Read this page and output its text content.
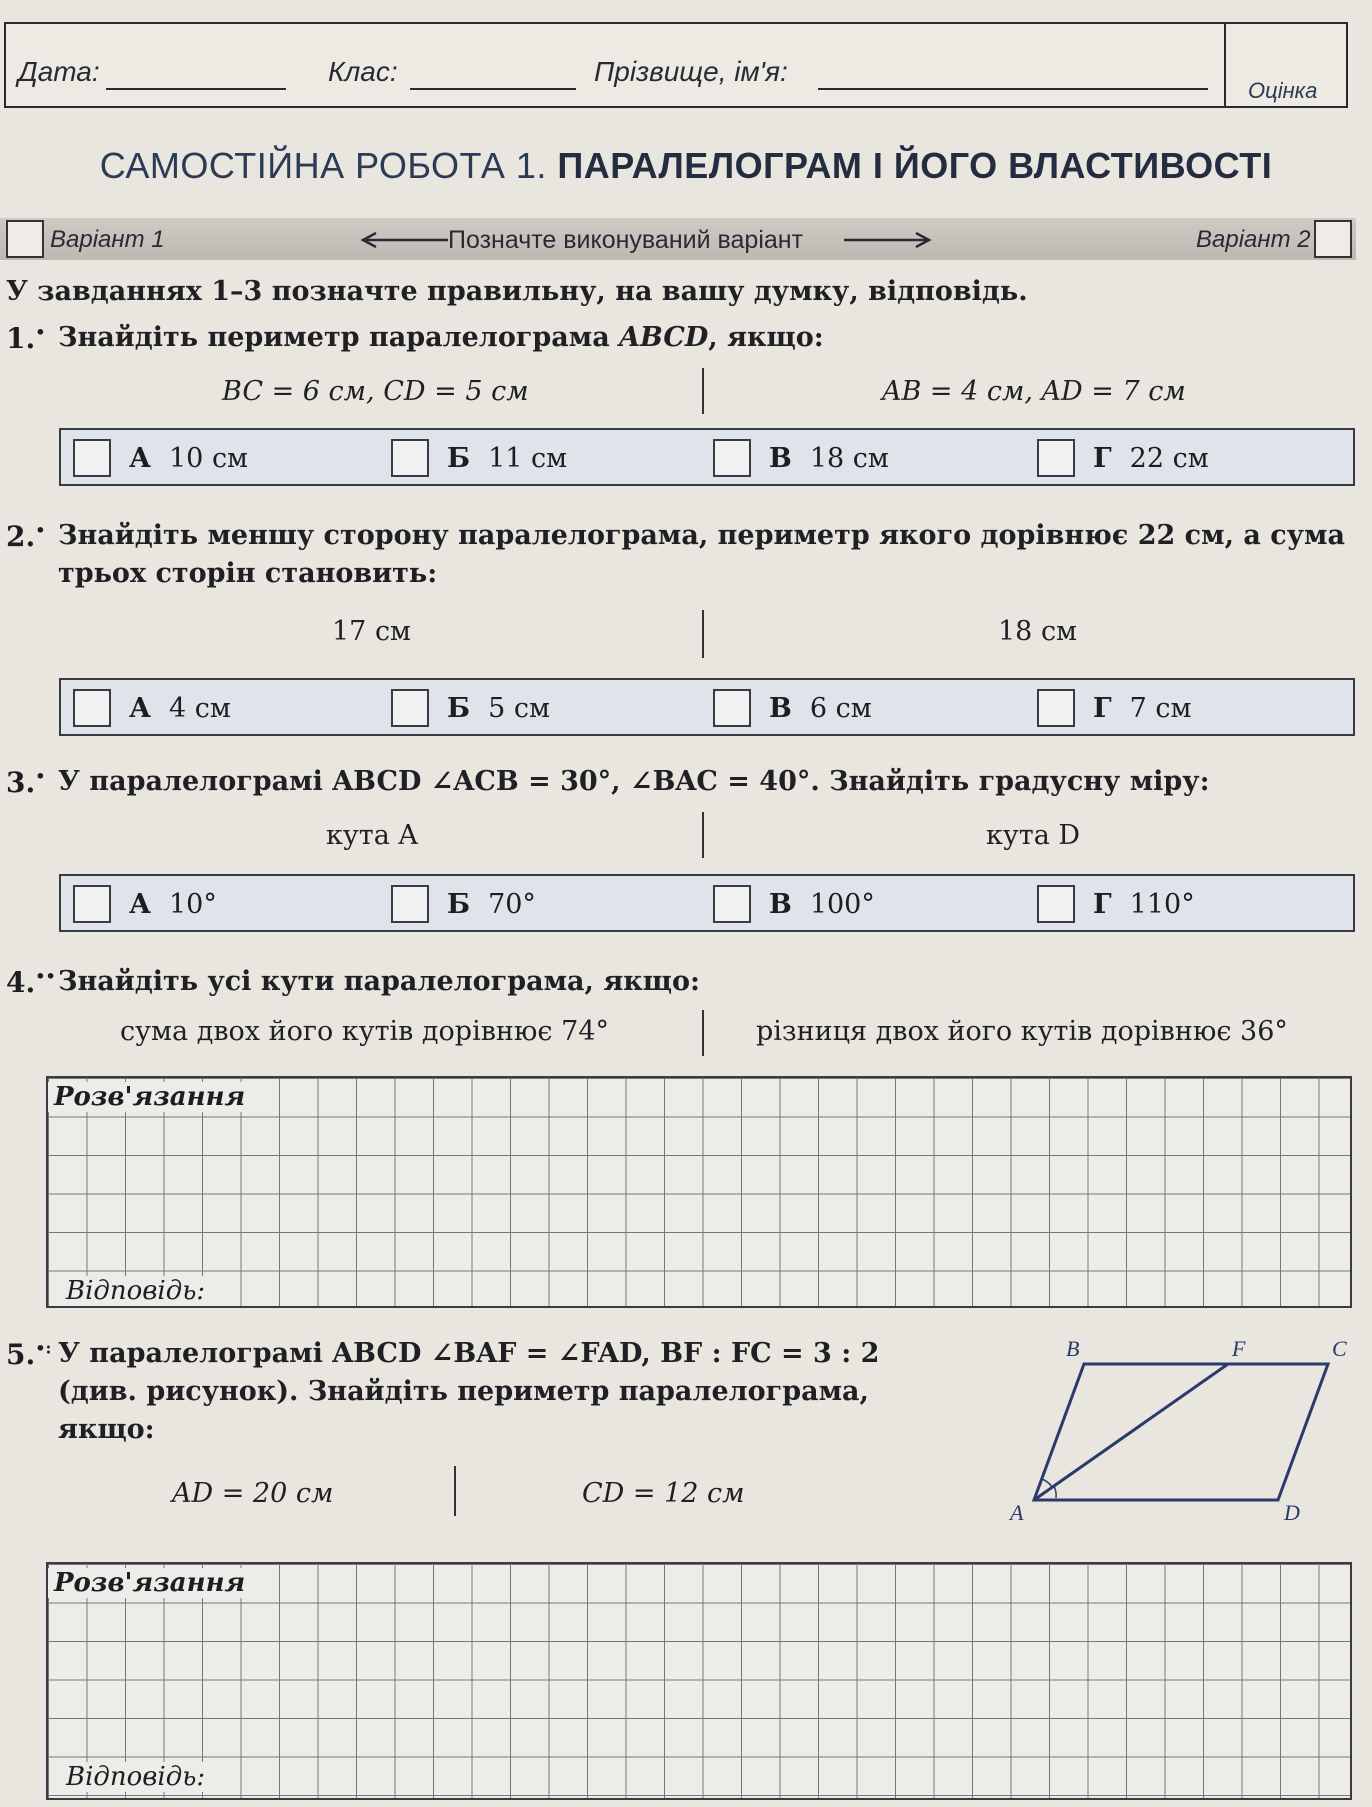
Дата:	Клас:	Прізвище, ім'я:
Оцінка
САМОСТІЙНА РОБОТА 1. ПАРАЛЕЛОГРАМ І ЙОГО ВЛАСТИВОСТІ
Варіант 1	Позначте виконуваний варіант	Варіант 2
У завданнях 1–3 позначте правильну, на вашу думку, відповідь.
1.• Знайдіть периметр паралелограма ABCD, якщо:
BC = 6 см, CD = 5 см	AB = 4 см, AD = 7 см
А 10 см	Б 11 см	В 18 см	Г 22 см
2.• Знайдіть меншу сторону паралелограма, периметр якого дорівнює 22 см, а сума
трьох сторін становить:
17 см	18 см
А 4 см	Б 5 см	В 6 см	Г 7 см
3.• У паралелограмі ABCD ∠ACB = 30°, ∠BAC = 40°. Знайдіть градусну міру:
кута A	кута D
А 10°	Б 70°	В 100°	Г 110°
4.•• Знайдіть усі кути паралелограма, якщо:
сума двох його кутів дорівнює 74°	різниця двох його кутів дорівнює 36°
Розв'язання
Відповідь:
5.•: У паралелограмі ABCD ∠BAF = ∠FAD, BF : FC = 3 : 2
(див. рисунок). Знайдіть периметр паралелограма,
якщо:
AD = 20 см	CD = 12 см
B	F	C
A	D
Розв'язання
Відповідь:
